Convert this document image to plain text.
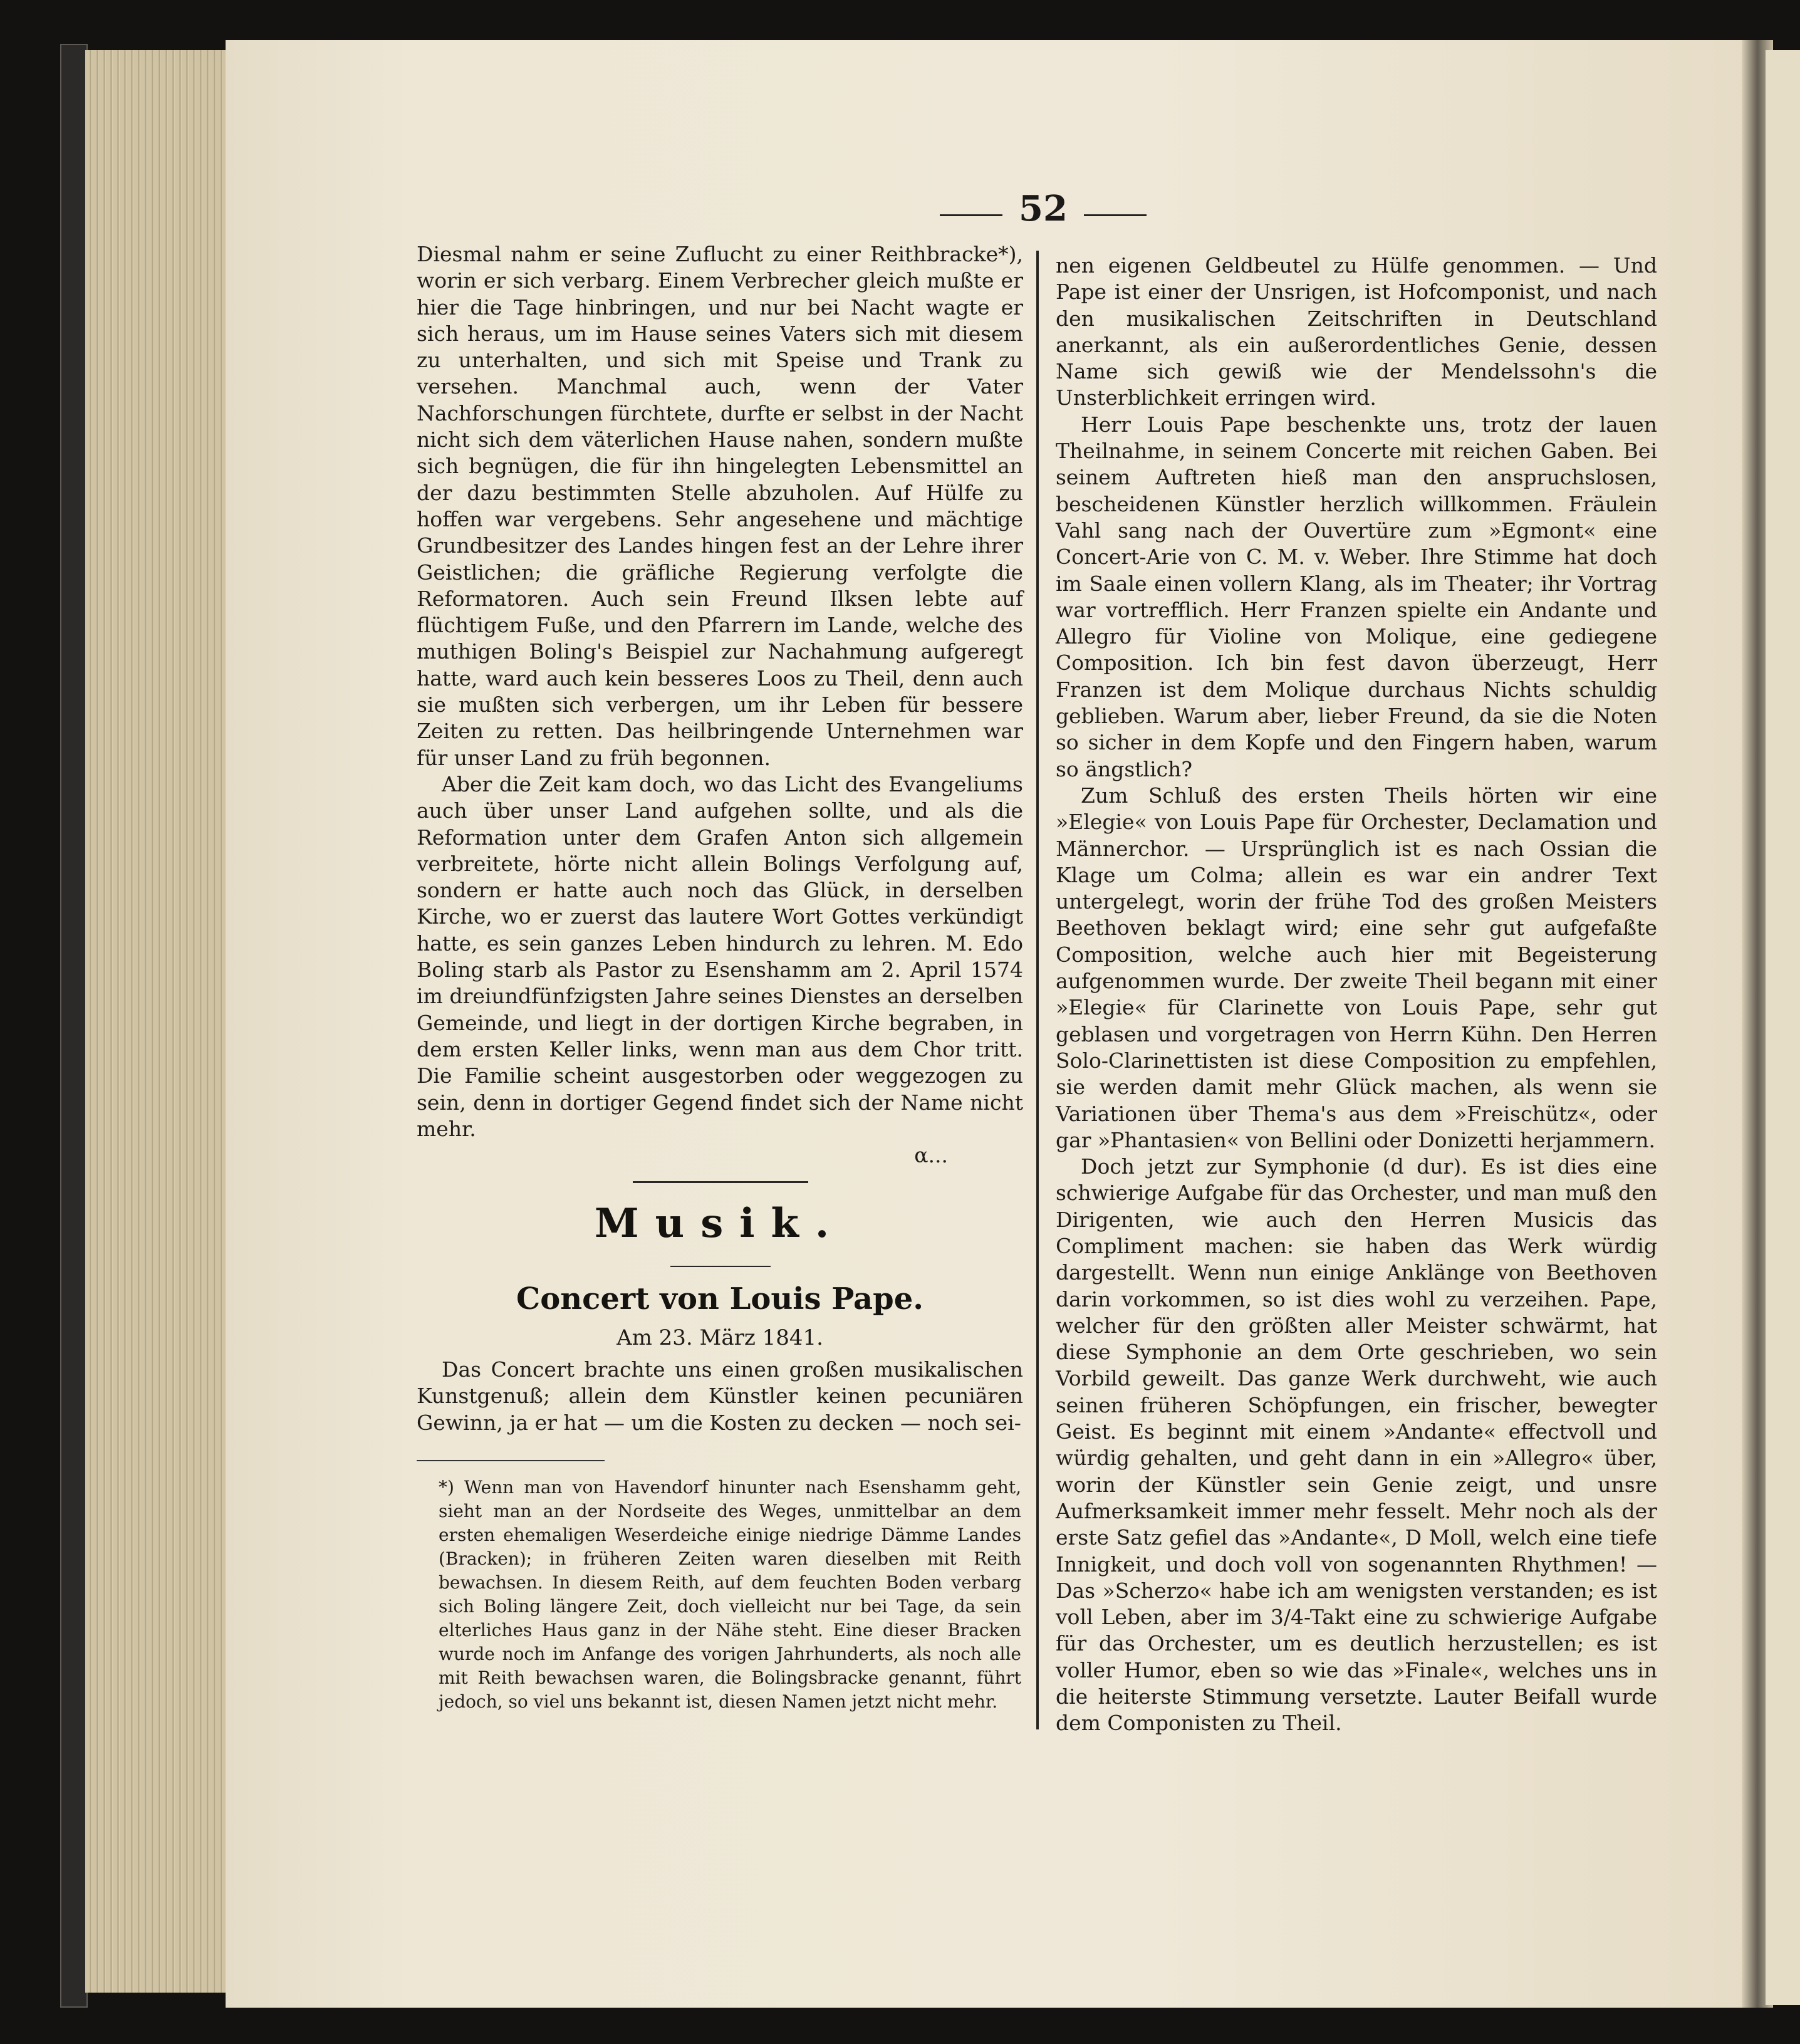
52

Diesmal nahm er seine Zuflucht zu einer Reithbracke*), worin er sich verbarg. Einem Verbrecher gleich mußte er hier die Tage hinbringen, und nur bei Nacht wagte er sich heraus, um im Hause seines Vaters sich mit diesem zu unterhalten, und sich mit Speise und Trank zu versehen. Manchmal auch, wenn der Vater Nachforschungen fürchtete, durfte er selbst in der Nacht nicht sich dem väterlichen Hause nahen, sondern mußte sich begnügen, die für ihn hingelegten Lebensmittel an der dazu bestimmten Stelle abzuholen. Auf Hülfe zu hoffen war vergebens. Sehr angesehene und mächtige Grundbesitzer des Landes hingen fest an der Lehre ihrer Geistlichen; die gräfliche Regierung verfolgte die Reformatoren. Auch sein Freund Ilksen lebte auf flüchtigem Fuße, und den Pfarrern im Lande, welche des muthigen Boling's Beispiel zur Nachahmung aufgeregt hatte, ward auch kein besseres Loos zu Theil, denn auch sie mußten sich verbergen, um ihr Leben für bessere Zeiten zu retten. Das heilbringende Unternehmen war für unser Land zu früh begonnen.

Aber die Zeit kam doch, wo das Licht des Evangeliums auch über unser Land aufgehen sollte, und als die Reformation unter dem Grafen Anton sich allgemein verbreitete, hörte nicht allein Bolings Verfolgung auf, sondern er hatte auch noch das Glück, in derselben Kirche, wo er zuerst das lautere Wort Gottes verkündigt hatte, es sein ganzes Leben hindurch zu lehren. M. Edo Boling starb als Pastor zu Esenshamm am 2. April 1574 im dreiundfünfzigsten Jahre seines Dienstes an derselben Gemeinde, und liegt in der dortigen Kirche begraben, in dem ersten Keller links, wenn man aus dem Chor tritt. Die Familie scheint ausgestorben oder weggezogen zu sein, denn in dortiger Gegend findet sich der Name nicht mehr.

α...
Musik.
Concert von Louis Pape.
Am 23. März 1841.

Das Concert brachte uns einen großen musikalischen Kunstgenuß; allein dem Künstler keinen pecuniären Gewinn, ja er hat — um die Kosten zu decken — noch sei-

*) Wenn man von Havendorf hinunter nach Esenshamm geht, sieht man an der Nordseite des Weges, unmittelbar an dem ersten ehemaligen Weserdeiche einige niedrige Dämme Landes (Bracken); in früheren Zeiten waren dieselben mit Reith bewachsen. In diesem Reith, auf dem feuchten Boden verbarg sich Boling längere Zeit, doch vielleicht nur bei Tage, da sein elterliches Haus ganz in der Nähe steht. Eine dieser Bracken wurde noch im Anfange des vorigen Jahrhunderts, als noch alle mit Reith bewachsen waren, die Bolingsbracke genannt, führt jedoch, so viel uns bekannt ist, diesen Namen jetzt nicht mehr.

nen eigenen Geldbeutel zu Hülfe genommen. — Und Pape ist einer der Unsrigen, ist Hofcomponist, und nach den musikalischen Zeitschriften in Deutschland anerkannt, als ein außerordentliches Genie, dessen Name sich gewiß wie der Mendelssohn's die Unsterblichkeit erringen wird.

Herr Louis Pape beschenkte uns, trotz der lauen Theilnahme, in seinem Concerte mit reichen Gaben. Bei seinem Auftreten hieß man den anspruchslosen, bescheidenen Künstler herzlich willkommen. Fräulein Vahl sang nach der Ouvertüre zum »Egmont« eine Concert-Arie von C. M. v. Weber. Ihre Stimme hat doch im Saale einen vollern Klang, als im Theater; ihr Vortrag war vortrefflich. Herr Franzen spielte ein Andante und Allegro für Violine von Molique, eine gediegene Composition. Ich bin fest davon überzeugt, Herr Franzen ist dem Molique durchaus Nichts schuldig geblieben. Warum aber, lieber Freund, da sie die Noten so sicher in dem Kopfe und den Fingern haben, warum so ängstlich?

Zum Schluß des ersten Theils hörten wir eine »Elegie« von Louis Pape für Orchester, Declamation und Männerchor. — Ursprünglich ist es nach Ossian die Klage um Colma; allein es war ein andrer Text untergelegt, worin der frühe Tod des großen Meisters Beethoven beklagt wird; eine sehr gut aufgefaßte Composition, welche auch hier mit Begeisterung aufgenommen wurde. Der zweite Theil begann mit einer »Elegie« für Clarinette von Louis Pape, sehr gut geblasen und vorgetragen von Herrn Kühn. Den Herren Solo-Clarinettisten ist diese Composition zu empfehlen, sie werden damit mehr Glück machen, als wenn sie Variationen über Thema's aus dem »Freischütz«, oder gar »Phantasien« von Bellini oder Donizetti herjammern.

Doch jetzt zur Symphonie (d dur). Es ist dies eine schwierige Aufgabe für das Orchester, und man muß den Dirigenten, wie auch den Herren Musicis das Compliment machen: sie haben das Werk würdig dargestellt. Wenn nun einige Anklänge von Beethoven darin vorkommen, so ist dies wohl zu verzeihen. Pape, welcher für den größten aller Meister schwärmt, hat diese Symphonie an dem Orte geschrieben, wo sein Vorbild geweilt. Das ganze Werk durchweht, wie auch seinen früheren Schöpfungen, ein frischer, bewegter Geist. Es beginnt mit einem »Andante« effectvoll und würdig gehalten, und geht dann in ein »Allegro« über, worin der Künstler sein Genie zeigt, und unsre Aufmerksamkeit immer mehr fesselt. Mehr noch als der erste Satz gefiel das »Andante«, D Moll, welch eine tiefe Innigkeit, und doch voll von sogenannten Rhythmen! — Das »Scherzo« habe ich am wenigsten verstanden; es ist voll Leben, aber im 3/4-Takt eine zu schwierige Aufgabe für das Orchester, um es deutlich herzustellen; es ist voller Humor, eben so wie das »Finale«, welches uns in die heiterste Stimmung versetzte. Lauter Beifall wurde dem Componisten zu Theil.
